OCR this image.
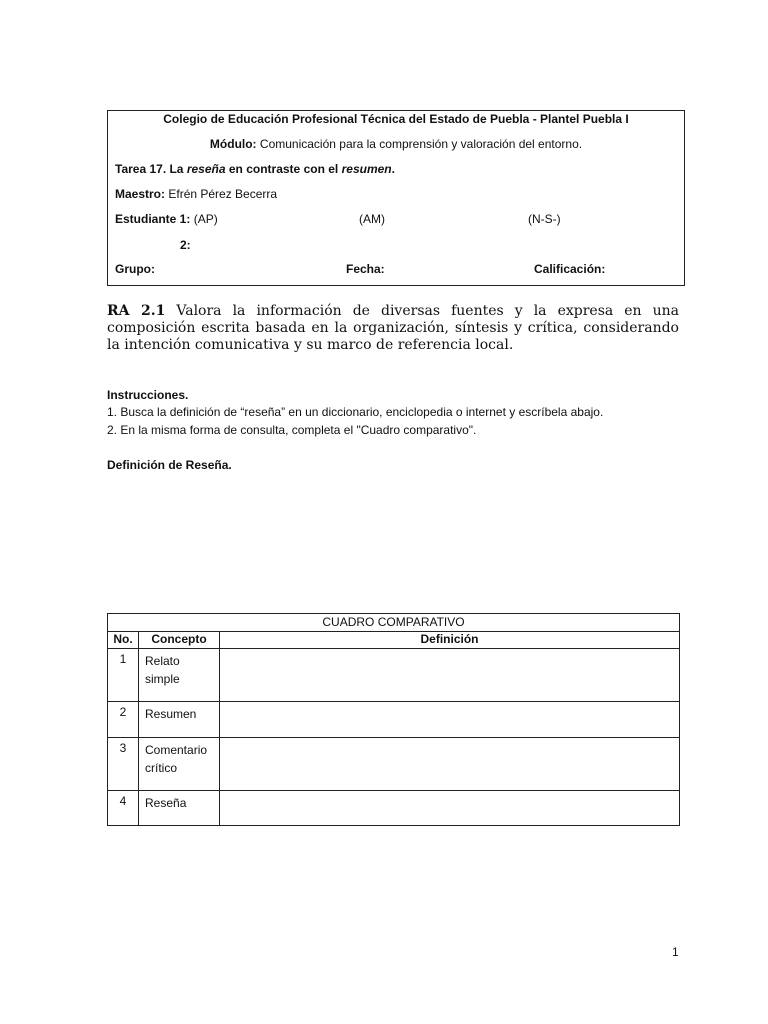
Colegio de Educación Profesional Técnica del Estado de Puebla - Plantel Puebla I
Módulo: Comunicación para la comprensión y valoración del entorno.
Tarea 17. La reseña en contraste con el resumen.
Maestro: Efrén Pérez Becerra
Estudiante 1: (AP)	(AM)	(N-S-)
2:
Grupo:	Fecha:	Calificación:
RA 2.1 Valora la información de diversas fuentes y la expresa en una composición escrita basada en la organización, síntesis y crítica, considerando la intención comunicativa y su marco de referencia local.
Instrucciones.
1. Busca la definición de “reseña” en un diccionario, enciclopedia o internet y escríbela abajo.
2. En la misma forma de consulta, completa el "Cuadro comparativo".
Definición de Reseña.
CUADRO COMPARATIVO		
No.	Concepto	Definición
1	Relato simple	
2	Resumen	
3	Comentario crítico	
4	Reseña	
1
